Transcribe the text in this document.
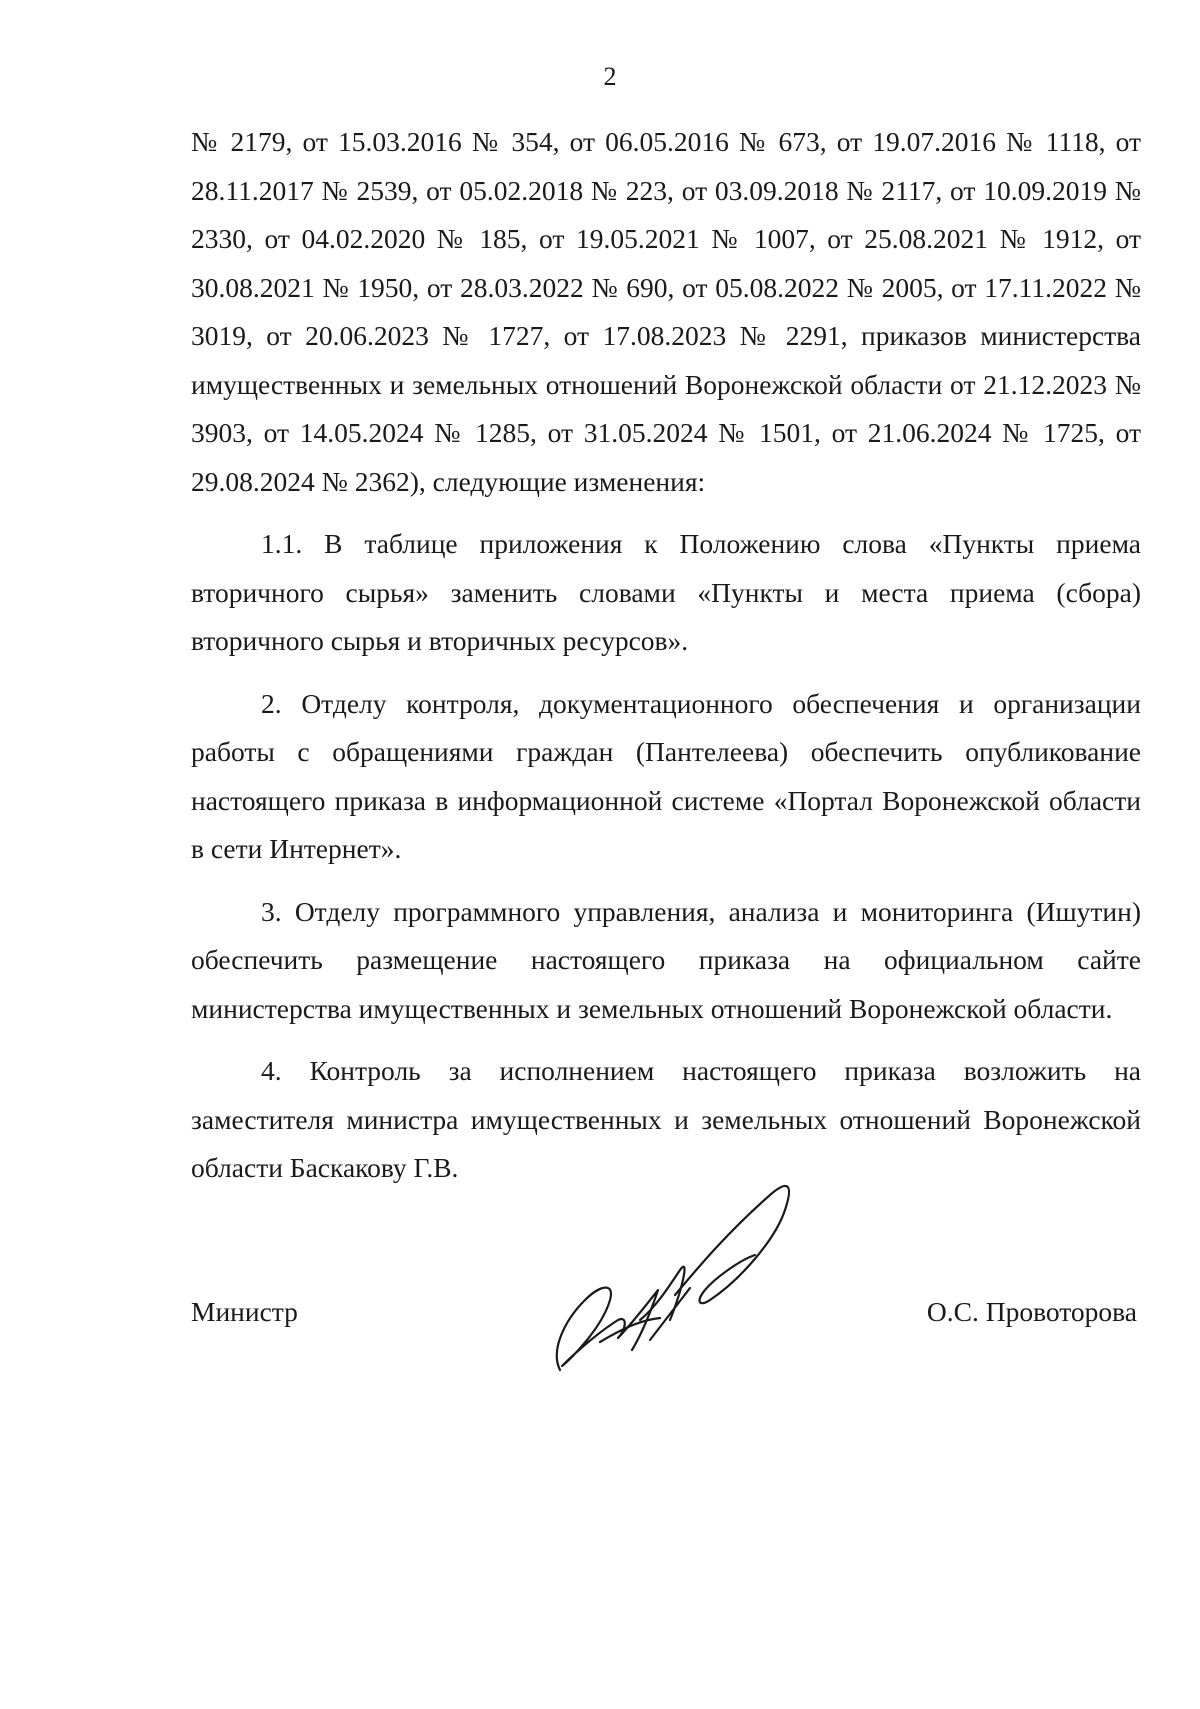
2

№ 2179, от 15.03.2016 № 354, от 06.05.2016 № 673, от 19.07.2016 № 1118, от 28.11.2017 № 2539, от 05.02.2018 № 223, от 03.09.2018 № 2117, от 10.09.2019 № 2330, от 04.02.2020 № 185, от 19.05.2021 № 1007, от 25.08.2021 № 1912, от 30.08.2021 № 1950, от 28.03.2022 № 690, от 05.08.2022 № 2005, от 17.11.2022 № 3019, от 20.06.2023 № 1727, от 17.08.2023 № 2291, приказов министерства имущественных и земельных отношений Воронежской области от 21.12.2023 № 3903, от 14.05.2024 № 1285, от 31.05.2024 № 1501, от 21.06.2024 № 1725, от 29.08.2024 № 2362), следующие изменения:

1.1. В таблице приложения к Положению слова «Пункты приема вторичного сырья» заменить словами «Пункты и места приема (сбора) вторичного сырья и вторичных ресурсов».

2. Отделу контроля, документационного обеспечения и организации работы с обращениями граждан (Пантелеева) обеспечить опубликование настоящего приказа в информационной системе «Портал Воронежской области в сети Интернет».

3. Отделу программного управления, анализа и мониторинга (Ишутин) обеспечить размещение настоящего приказа на официальном сайте министерства имущественных и земельных отношений Воронежской области.

4. Контроль за исполнением настоящего приказа возложить на заместителя министра имущественных и земельных отношений Воронежской области Баскакову Г.В.

Министр	О.С. Провоторова
